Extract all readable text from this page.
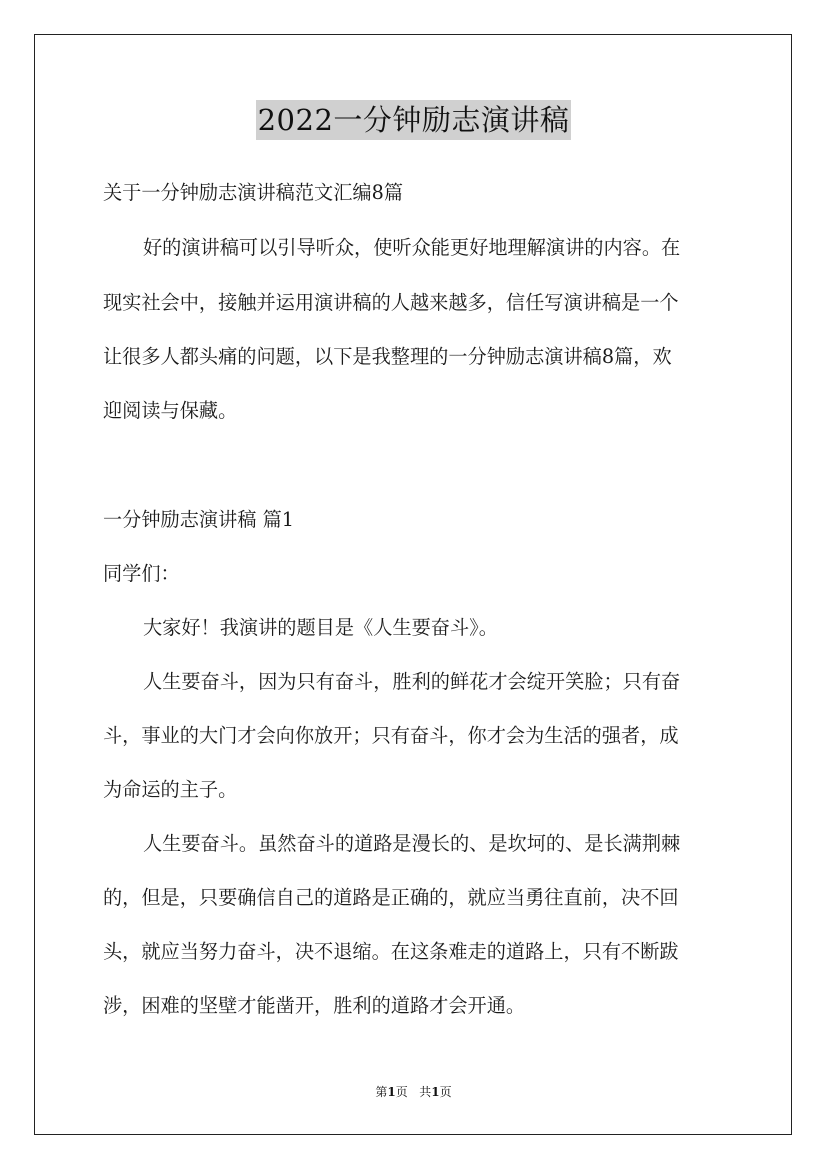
2022一分钟励志演讲稿
关于一分钟励志演讲稿范文汇编8篇
好的演讲稿可以引导听众，使听众能更好地理解演讲的内容。在
现实社会中，接触并运用演讲稿的人越来越多，信任写演讲稿是一个
让很多人都头痛的问题，以下是我整理的一分钟励志演讲稿8篇，欢
迎阅读与保藏。
一分钟励志演讲稿 篇1
同学们：
大家好！我演讲的题目是《人生要奋斗》。
人生要奋斗，因为只有奋斗，胜利的鲜花才会绽开笑脸；只有奋
斗，事业的大门才会向你放开；只有奋斗，你才会为生活的强者，成
为命运的主子。
人生要奋斗。虽然奋斗的道路是漫长的、是坎坷的、是长满荆棘
的，但是，只要确信自己的道路是正确的，就应当勇往直前，决不回
头，就应当努力奋斗，决不退缩。在这条难走的道路上，只有不断跋
涉，困难的坚壁才能凿开，胜利的道路才会开通。
第1页   共1页
